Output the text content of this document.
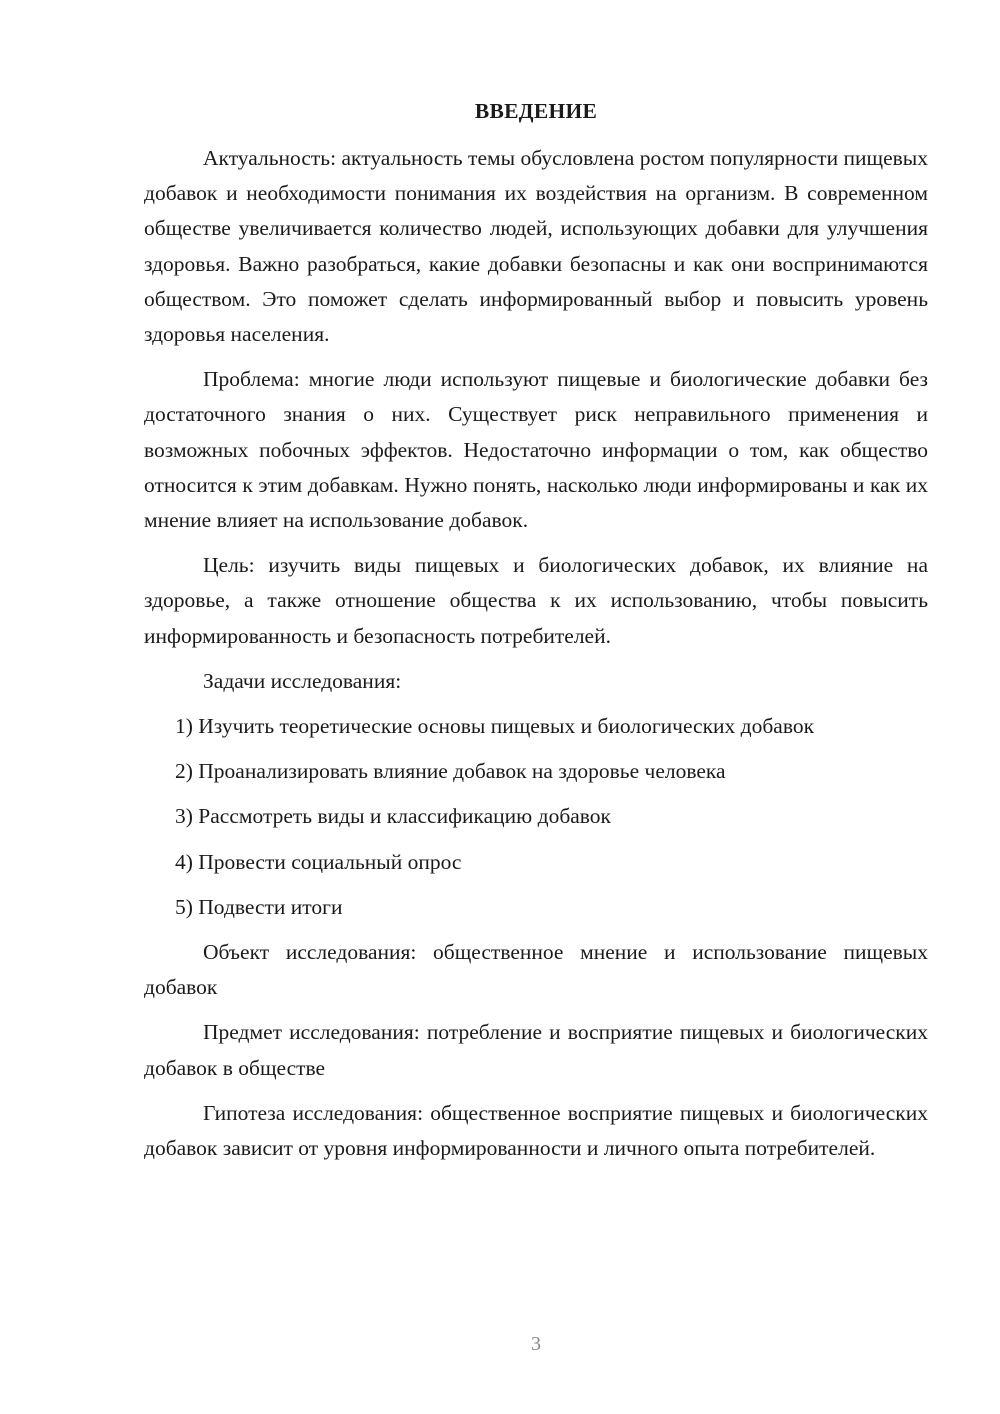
ВВЕДЕНИЕ

Актуальность: актуальность темы обусловлена ростом популярности пищевых добавок и необходимости понимания их воздействия на организм. В современном обществе увеличивается количество людей, использующих добавки для улучшения здоровья. Важно разобраться, какие добавки безопасны и как они воспринимаются обществом. Это поможет сделать информированный выбор и повысить уровень здоровья населения.

Проблема: многие люди используют пищевые и биологические добавки без достаточного знания о них. Существует риск неправильного применения и возможных побочных эффектов. Недостаточно информации о том, как общество относится к этим добавкам. Нужно понять, насколько люди информированы и как их мнение влияет на использование добавок.

Цель: изучить виды пищевых и биологических добавок, их влияние на здоровье, а также отношение общества к их использованию, чтобы повысить информированность и безопасность потребителей.

Задачи исследования:
1) Изучить теоретические основы пищевых и биологических добавок
2) Проанализировать влияние добавок на здоровье человека
3) Рассмотреть виды и классификацию добавок
4) Провести социальный опрос
5) Подвести итоги

Объект исследования: общественное мнение и использование пищевых добавок

Предмет исследования: потребление и восприятие пищевых и биологических добавок в обществе

Гипотеза исследования: общественное восприятие пищевых и биологических добавок зависит от уровня информированности и личного опыта потребителей.

3
